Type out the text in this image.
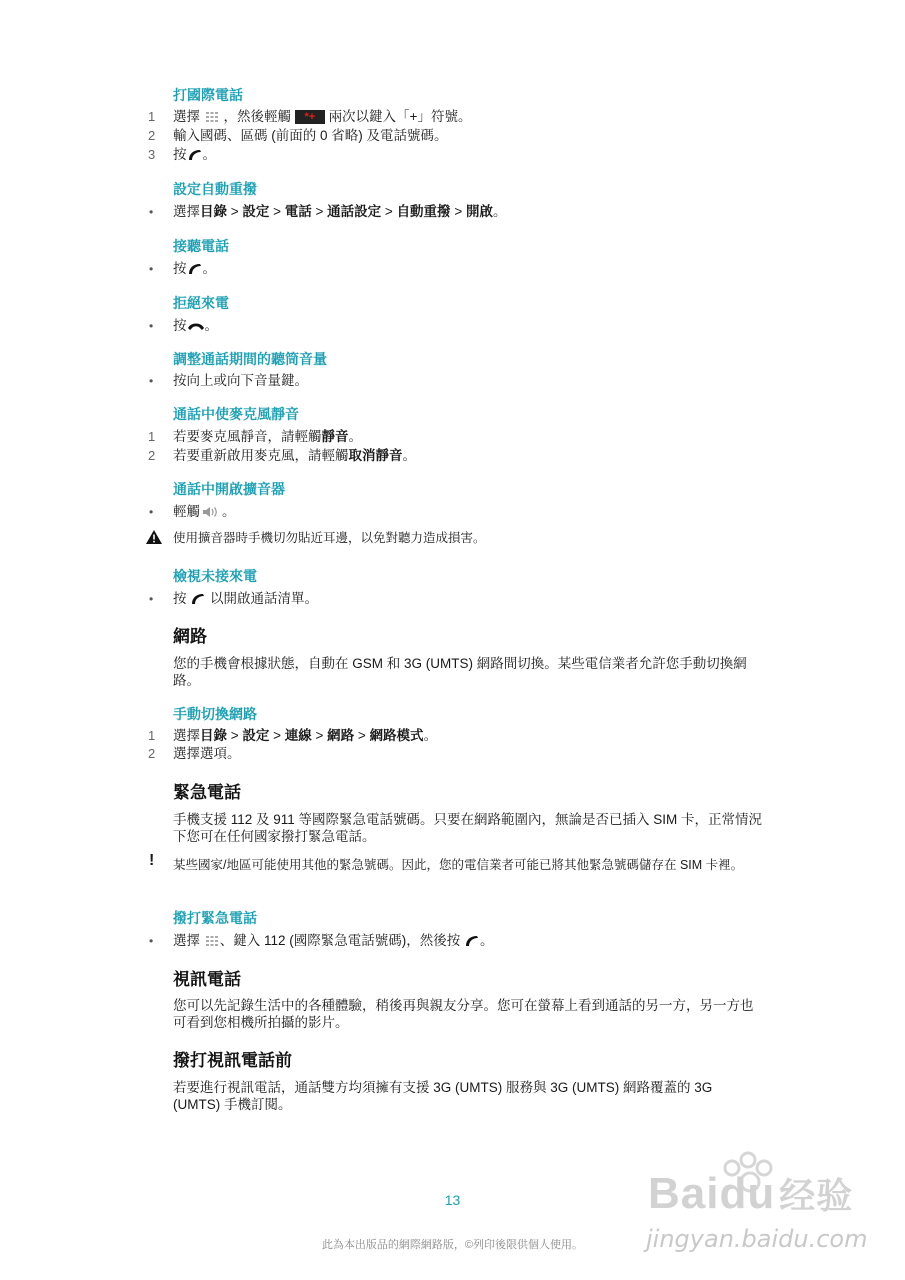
打國際電話
1	選擇 ，然後輕觸 *+ 兩次以鍵入「+」符號。
2	輸入國碼、區碼 (前面的 0 省略) 及電話號碼。
3	按 。
設定自動重撥
• 選擇目錄 > 設定 > 電話 > 通話設定 > 自動重撥 > 開啟。
接聽電話
• 按 。
拒絕來電
• 按 。
調整通話期間的聽筒音量
• 按向上或向下音量鍵。
通話中使麥克風靜音
1	若要麥克風靜音，請輕觸靜音。
2	若要重新啟用麥克風，請輕觸取消靜音。
通話中開啟擴音器
• 輕觸 。
使用擴音器時手機切勿貼近耳邊，以免對聽力造成損害。
檢視未接來電
• 按 以開啟通話清單。
網路
您的手機會根據狀態，自動在 GSM 和 3G (UMTS) 網路間切換。某些電信業者允許您手動切換網路。
手動切換網路
1	選擇目錄 > 設定 > 連線 > 網路 > 網路模式。
2	選擇選項。
緊急電話
手機支援 112 及 911 等國際緊急電話號碼。只要在網路範圍內，無論是否已插入 SIM 卡，正常情況下您可在任何國家撥打緊急電話。
! 某些國家/地區可能使用其他的緊急號碼。因此，您的電信業者可能已將其他緊急號碼儲存在 SIM 卡裡。
撥打緊急電話
• 選擇 、鍵入 112 (國際緊急電話號碼)，然後按 。
視訊電話
您可以先記錄生活中的各種體驗，稍後再與親友分享。您可在螢幕上看到通話的另一方，另一方也可看到您相機所拍攝的影片。
撥打視訊電話前
若要進行視訊電話，通話雙方均須擁有支援 3G (UMTS) 服務與 3G (UMTS) 網路覆蓋的 3G (UMTS) 手機訂閱。
13
此為本出版品的網際網路版，©列印後限供個人使用。
Baidu 经验
jingyan.baidu.com
